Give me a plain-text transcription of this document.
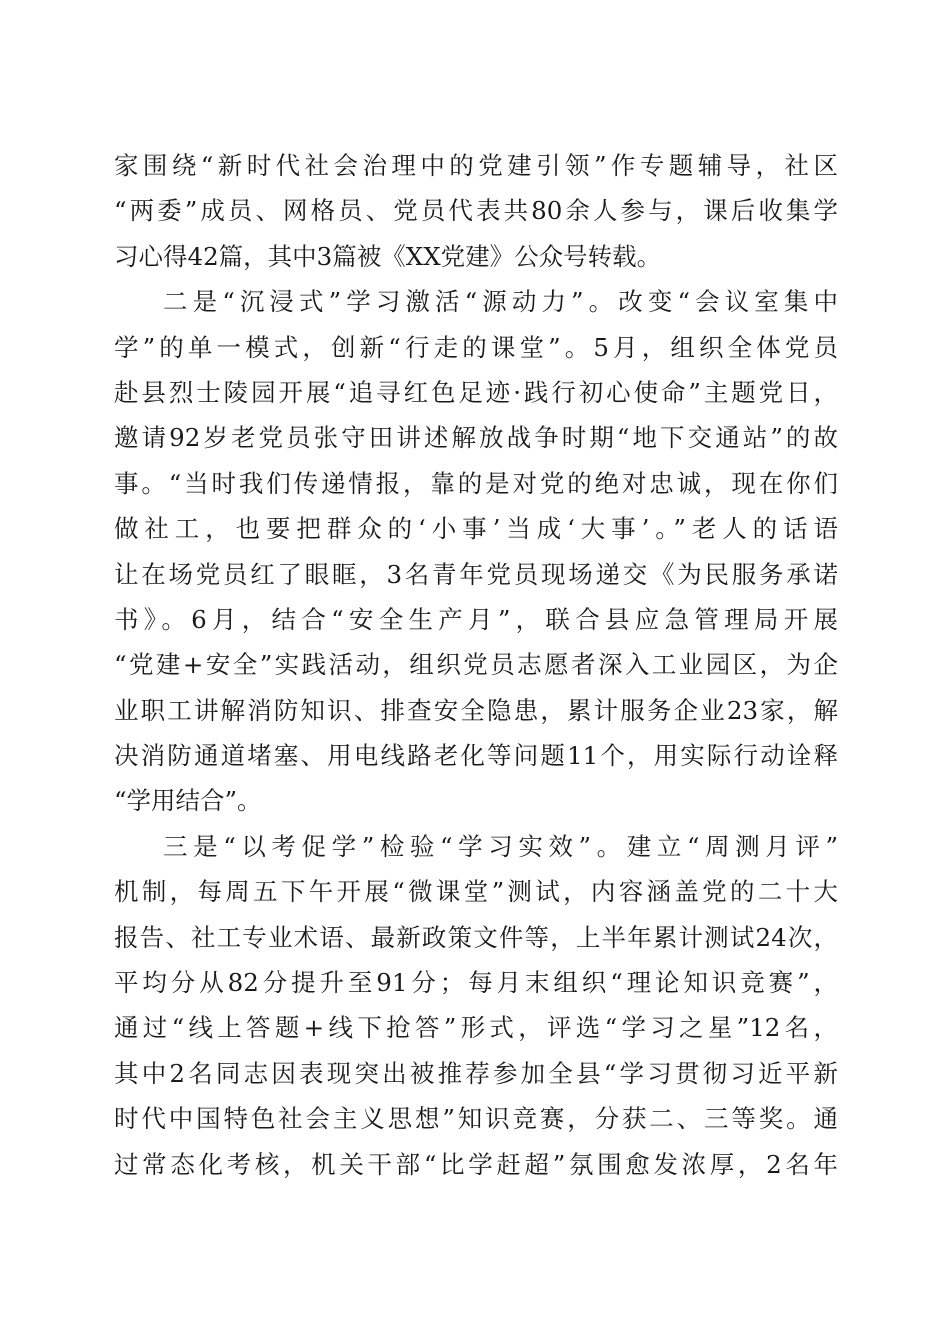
家围绕“新时代社会治理中的党建引领”作专题辅导，社区
“两委”成员、网格员、党员代表共80余人参与，课后收集学
习心得42篇，其中3篇被《XX党建》公众号转载。
二是“沉浸式”学习激活“源动力”。改变“会议室集中
学”的单一模式，创新“行走的课堂”。5月，组织全体党员
赴县烈士陵园开展“追寻红色足迹·践行初心使命”主题党日，
邀请92岁老党员张守田讲述解放战争时期“地下交通站”的故
事。“当时我们传递情报，靠的是对党的绝对忠诚，现在你们
做社工，也要把群众的‘小事’当成‘大事’。”老人的话语
让在场党员红了眼眶，3名青年党员现场递交《为民服务承诺
书》。6月，结合“安全生产月”，联合县应急管理局开展
“党建+安全”实践活动，组织党员志愿者深入工业园区，为企
业职工讲解消防知识、排查安全隐患，累计服务企业23家，解
决消防通道堵塞、用电线路老化等问题11个，用实际行动诠释
“学用结合”。
三是“以考促学”检验“学习实效”。建立“周测月评”
机制，每周五下午开展“微课堂”测试，内容涵盖党的二十大
报告、社工专业术语、最新政策文件等，上半年累计测试24次，
平均分从82分提升至91分；每月末组织“理论知识竞赛”，
通过“线上答题+线下抢答”形式，评选“学习之星”12名，
其中2名同志因表现突出被推荐参加全县“学习贯彻习近平新
时代中国特色社会主义思想”知识竞赛，分获二、三等奖。通
过常态化考核，机关干部“比学赶超”氛围愈发浓厚，2名年
